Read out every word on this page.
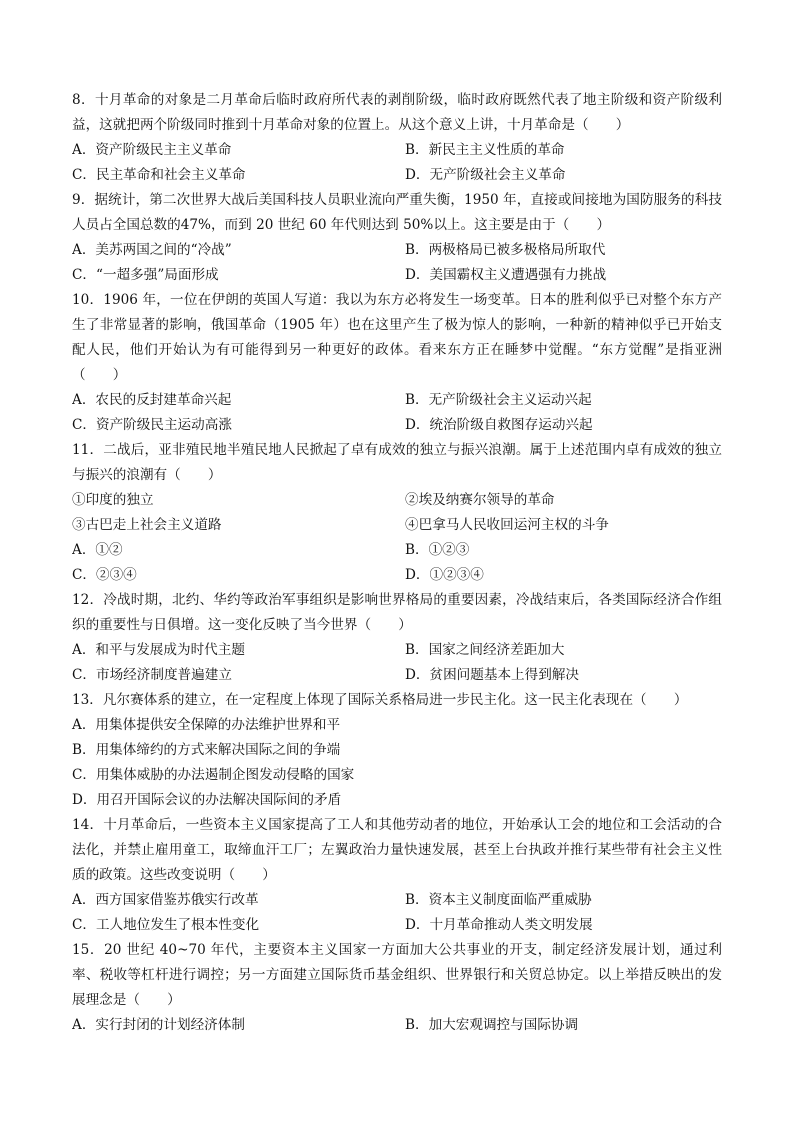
8．十月革命的对象是二月革命后临时政府所代表的剥削阶级，临时政府既然代表了地主阶级和资产阶级利益，这就把两个阶级同时推到十月革命对象的位置上。从这个意义上讲，十月革命是（　　）

A．资产阶级民主主义革命	B．新民主主义性质的革命
C．民主革命和社会主义革命	D．无产阶级社会主义革命

9．据统计，第二次世界大战后美国科技人员职业流向严重失衡，1950 年，直接或间接地为国防服务的科技人员占全国总数的47%，而到 20 世纪 60 年代则达到 50%以上。这主要是由于（　　）

A．美苏两国之间的“冷战”	B．两极格局已被多极格局所取代
C．“一超多强”局面形成	D．美国霸权主义遭遇强有力挑战

10．1906 年，一位在伊朗的英国人写道：我以为东方必将发生一场变革。日本的胜利似乎已对整个东方产生了非常显著的影响，俄国革命（1905 年）也在这里产生了极为惊人的影响，一种新的精神似乎已开始支配人民，他们开始认为有可能得到另一种更好的政体。看来东方正在睡梦中觉醒。“东方觉醒”是指亚洲（　　）

A．农民的反封建革命兴起	B．无产阶级社会主义运动兴起
C．资产阶级民主运动高涨	D．统治阶级自救图存运动兴起

11．二战后，亚非殖民地半殖民地人民掀起了卓有成效的独立与振兴浪潮。属于上述范围内卓有成效的独立与振兴的浪潮有（　　）

①印度的独立	②埃及纳赛尔领导的革命
③古巴走上社会主义道路	④巴拿马人民收回运河主权的斗争
A．①②	B．①②③
C．②③④	D．①②③④

12．冷战时期，北约、华约等政治军事组织是影响世界格局的重要因素，冷战结束后，各类国际经济合作组织的重要性与日俱增。这一变化反映了当今世界（　　）

A．和平与发展成为时代主题	B．国家之间经济差距加大
C．市场经济制度普遍建立	D．贫困问题基本上得到解决

13．凡尔赛体系的建立，在一定程度上体现了国际关系格局进一步民主化。这一民主化表现在（　　）

A．用集体提供安全保障的办法维护世界和平
B．用集体缔约的方式来解决国际之间的争端
C．用集体威胁的办法遏制企图发动侵略的国家
D．用召开国际会议的办法解决国际间的矛盾

14．十月革命后，一些资本主义国家提高了工人和其他劳动者的地位，开始承认工会的地位和工会活动的合法化，并禁止雇用童工，取缔血汗工厂；左翼政治力量快速发展，甚至上台执政并推行某些带有社会主义性质的政策。这些改变说明（　　）

A．西方国家借鉴苏俄实行改革	B．资本主义制度面临严重威胁
C．工人地位发生了根本性变化	D．十月革命推动人类文明发展

15．20 世纪 40~70 年代，主要资本主义国家一方面加大公共事业的开支，制定经济发展计划，通过利率、税收等杠杆进行调控；另一方面建立国际货币基金组织、世界银行和关贸总协定。以上举措反映出的发展理念是（　　）

A．实行封闭的计划经济体制	B．加大宏观调控与国际协调
